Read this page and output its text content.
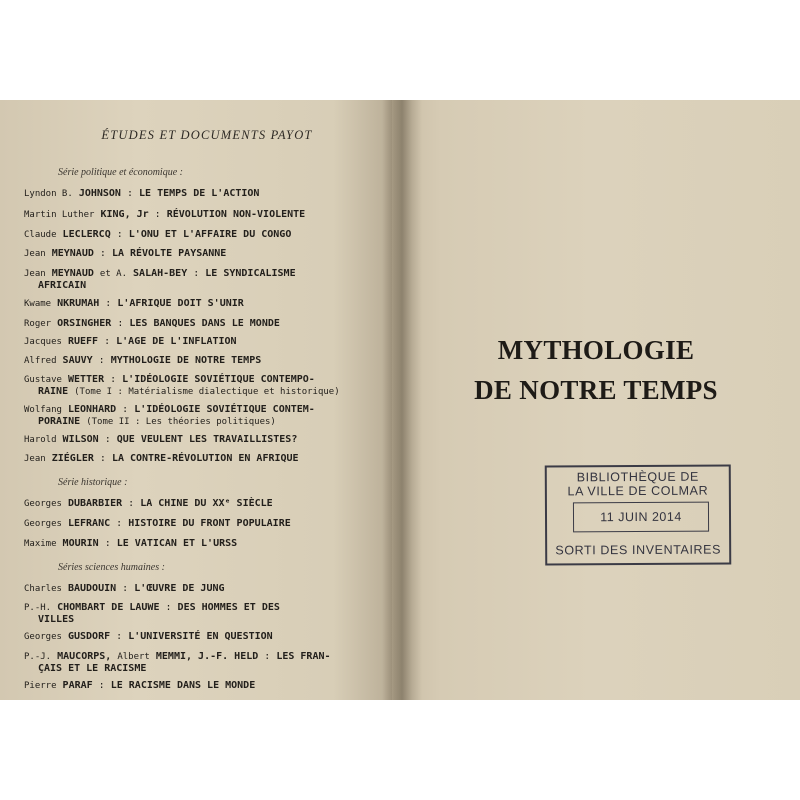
ÉTUDES ET DOCUMENTS PAYOT
Série politique et économique :
Lyndon B. JOHNSON : LE TEMPS DE L'ACTION
Martin Luther KING, Jr : RÉVOLUTION NON-VIOLENTE
Claude LECLERCQ : L'ONU ET L'AFFAIRE DU CONGO
Jean MEYNAUD : LA RÉVOLTE PAYSANNE
Jean MEYNAUD et A. SALAH-BEY : LE SYNDICALISME
AFRICAIN
Kwame NKRUMAH : L'AFRIQUE DOIT S'UNIR
Roger ORSINGHER : LES BANQUES DANS LE MONDE
Jacques RUEFF : L'AGE DE L'INFLATION
Alfred SAUVY : MYTHOLOGIE DE NOTRE TEMPS
Gustave WETTER : L'IDÉOLOGIE SOVIÉTIQUE CONTEMPO-
RAINE (Tome I : Matérialisme dialectique et historique)
Wolfang LEONHARD : L'IDÉOLOGIE SOVIÉTIQUE CONTEM-
PORAINE (Tome II : Les théories politiques)
Harold WILSON : QUE VEULENT LES TRAVAILLISTES?
Jean ZIÉGLER : LA CONTRE-RÉVOLUTION EN AFRIQUE
Série historique :
Georges DUBARBIER : LA CHINE DU XXᵉ SIÈCLE
Georges LEFRANC : HISTOIRE DU FRONT POPULAIRE
Maxime MOURIN : LE VATICAN ET L'URSS
Séries sciences humaines :
Charles BAUDOUIN : L'ŒUVRE DE JUNG
P.-H. CHOMBART DE LAUWE : DES HOMMES ET DES
VILLES
Georges GUSDORF : L'UNIVERSITÉ EN QUESTION
P.-J. MAUCORPS, Albert MEMMI, J.-F. HELD : LES FRAN-
ÇAIS ET LE RACISME
Pierre PARAF : LE RACISME DANS LE MONDE
MYTHOLOGIE
DE NOTRE TEMPS
BIBLIOTHÈQUE DE
LA VILLE DE COLMAR
11 JUIN 2014
SORTI DES INVENTAIRES
